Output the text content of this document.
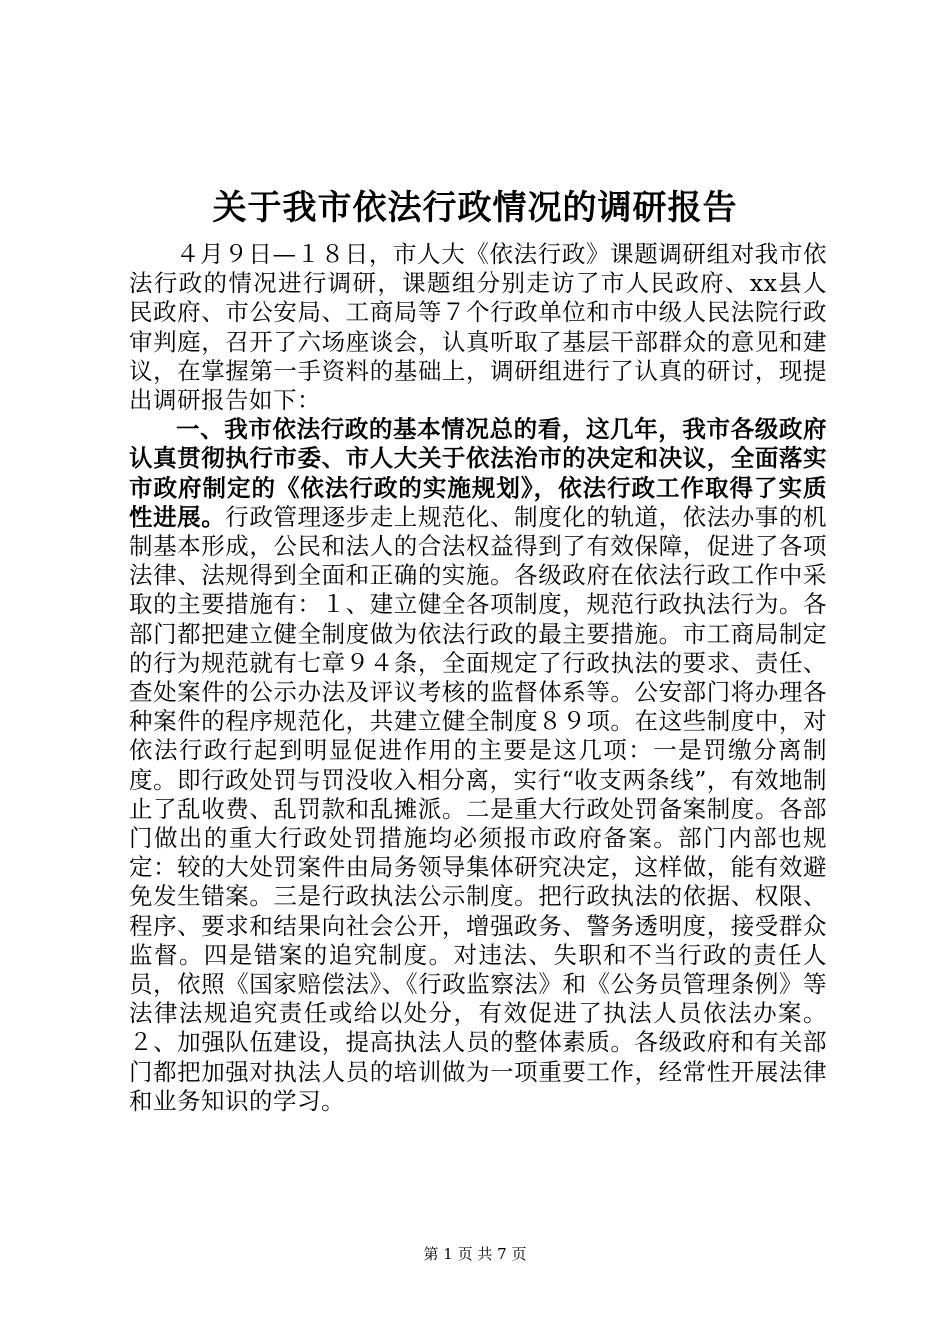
关于我市依法行政情况的调研报告

４月９日—１８日，市人大《依法行政》课题调研组对我市依法行政的情况进行调研，课题组分别走访了市人民政府、xx县人民政府、市公安局、工商局等７个行政单位和市中级人民法院行政审判庭，召开了六场座谈会，认真听取了基层干部群众的意见和建议，在掌握第一手资料的基础上，调研组进行了认真的研讨，现提出调研报告如下：

一、我市依法行政的基本情况总的看，这几年，我市各级政府认真贯彻执行市委、市人大关于依法治市的决定和决议，全面落实市政府制定的《依法行政的实施规划》，依法行政工作取得了实质性进展。行政管理逐步走上规范化、制度化的轨道，依法办事的机制基本形成，公民和法人的合法权益得到了有效保障，促进了各项法律、法规得到全面和正确的实施。各级政府在依法行政工作中采取的主要措施有：１、建立健全各项制度，规范行政执法行为。各部门都把建立健全制度做为依法行政的最主要措施。市工商局制定的行为规范就有七章９４条，全面规定了行政执法的要求、责任、查处案件的公示办法及评议考核的监督体系等。公安部门将办理各种案件的程序规范化，共建立健全制度８９项。在这些制度中，对依法行政行起到明显促进作用的主要是这几项：一是罚缴分离制度。即行政处罚与罚没收入相分离，实行“收支两条线”，有效地制止了乱收费、乱罚款和乱摊派。二是重大行政处罚备案制度。各部门做出的重大行政处罚措施均必须报市政府备案。部门内部也规定：较的大处罚案件由局务领导集体研究决定，这样做，能有效避免发生错案。三是行政执法公示制度。把行政执法的依据、权限、程序、要求和结果向社会公开，增强政务、警务透明度，接受群众监督。四是错案的追究制度。对违法、失职和不当行政的责任人员，依照《国家赔偿法》、《行政监察法》和《公务员管理条例》等法律法规追究责任或给以处分，有效促进了执法人员依法办案。２、加强队伍建设，提高执法人员的整体素质。各级政府和有关部门都把加强对执法人员的培训做为一项重要工作，经常性开展法律和业务知识的学习。

第 1 页 共 7 页
